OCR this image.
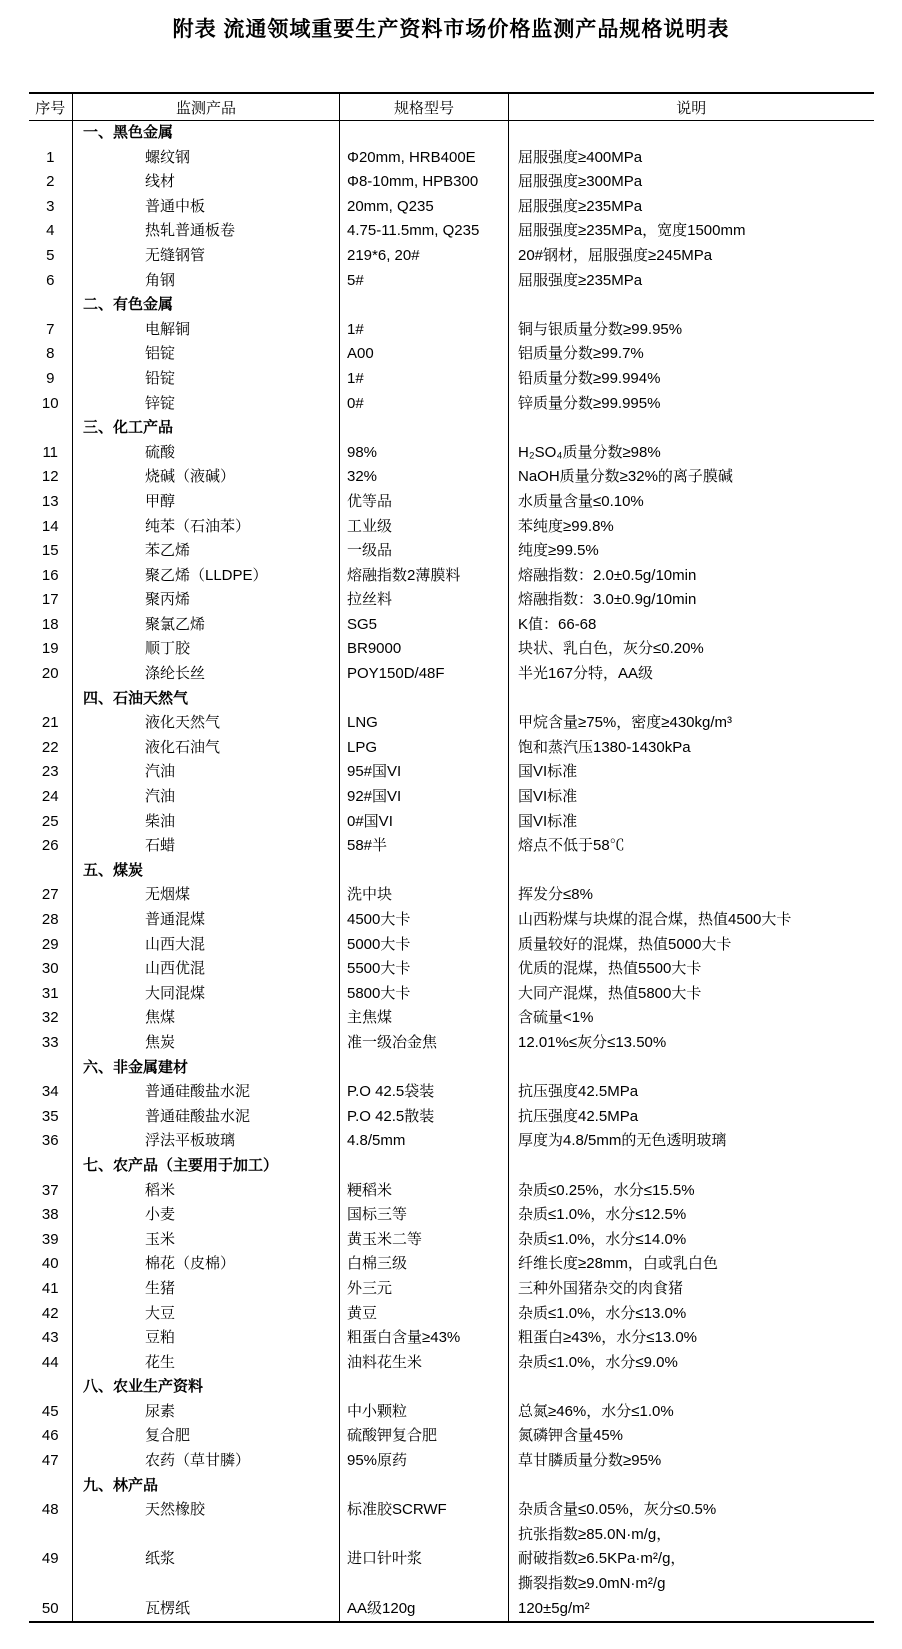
附表 流通领域重要生产资料市场价格监测产品规格说明表
序号	监测产品	规格型号	说明
	一、黑色金属		
1	螺纹钢	Φ20mm, HRB400E	屈服强度≥400MPa

2	线材	Φ8-10mm, HPB300	屈服强度≥300MPa

3	普通中板	20mm, Q235	屈服强度≥235MPa

4	热轧普通板卷	4.75-11.5mm, Q235	屈服强度≥235MPa，宽度1500mm

5	无缝钢管	219*6, 20#	20#钢材，屈服强度≥245MPa

6	角钢	5#	屈服强度≥235MPa

	二、有色金属		
7	电解铜	1#	铜与银质量分数≥99.95%

8	铝锭	A00	铝质量分数≥99.7%

9	铅锭	1#	铅质量分数≥99.994%

10	锌锭	0#	锌质量分数≥99.995%

	三、化工产品		
11	硫酸	98%	H₂SO₄质量分数≥98%

12	烧碱（液碱）	32%	NaOH质量分数≥32%的离子膜碱

13	甲醇	优等品	水质量含量≤0.10%

14	纯苯（石油苯）	工业级	苯纯度≥99.8%

15	苯乙烯	一级品	纯度≥99.5%

16	聚乙烯（LLDPE）	熔融指数2薄膜料	熔融指数：2.0±0.5g/10min

17	聚丙烯	拉丝料	熔融指数：3.0±0.9g/10min

18	聚氯乙烯	SG5	K值：66-68

19	顺丁胶	BR9000	块状、乳白色，灰分≤0.20%

20	涤纶长丝	POY150D/48F	半光167分特，AA级

	四、石油天然气		
21	液化天然气	LNG	甲烷含量≥75%，密度≥430kg/m³

22	液化石油气	LPG	饱和蒸汽压1380-1430kPa

23	汽油	95#国VI	国VI标准

24	汽油	92#国VI	国VI标准

25	柴油	0#国VI	国VI标准

26	石蜡	58#半	熔点不低于58℃

	五、煤炭		
27	无烟煤	洗中块	挥发分≤8%

28	普通混煤	4500大卡	山西粉煤与块煤的混合煤，热值4500大卡

29	山西大混	5000大卡	质量较好的混煤，热值5000大卡

30	山西优混	5500大卡	优质的混煤，热值5500大卡

31	大同混煤	5800大卡	大同产混煤，热值5800大卡

32	焦煤	主焦煤	含硫量<1%

33	焦炭	准一级冶金焦	12.01%≤灰分≤13.50%

	六、非金属建材		
34	普通硅酸盐水泥	P.O 42.5袋装	抗压强度42.5MPa

35	普通硅酸盐水泥	P.O 42.5散装	抗压强度42.5MPa

36	浮法平板玻璃	4.8/5mm	厚度为4.8/5mm的无色透明玻璃

	七、农产品（主要用于加工）		
37	稻米	粳稻米	杂质≤0.25%，水分≤15.5%

38	小麦	国标三等	杂质≤1.0%，水分≤12.5%

39	玉米	黄玉米二等	杂质≤1.0%，水分≤14.0%

40	棉花（皮棉）	白棉三级	纤维长度≥28mm，白或乳白色

41	生猪	外三元	三种外国猪杂交的肉食猪

42	大豆	黄豆	杂质≤1.0%，水分≤13.0%

43	豆粕	粗蛋白含量≥43%	粗蛋白≥43%，水分≤13.0%

44	花生	油料花生米	杂质≤1.0%，水分≤9.0%

	八、农业生产资料		
45	尿素	中小颗粒	总氮≥46%，水分≤1.0%

46	复合肥	硫酸钾复合肥	氮磷钾含量45%

47	农药（草甘膦）	95%原药	草甘膦质量分数≥95%

	九、林产品		
48	天然橡胶	标准胶SCRWF	杂质含量≤0.05%，灰分≤0.5%
抗张指数≥85.0N·m/g，

49	纸浆	进口针叶浆	耐破指数≥6.5KPa·m²/g，
撕裂指数≥9.0mN·m²/g

50	瓦楞纸	AA级120g	120±5g/m²
